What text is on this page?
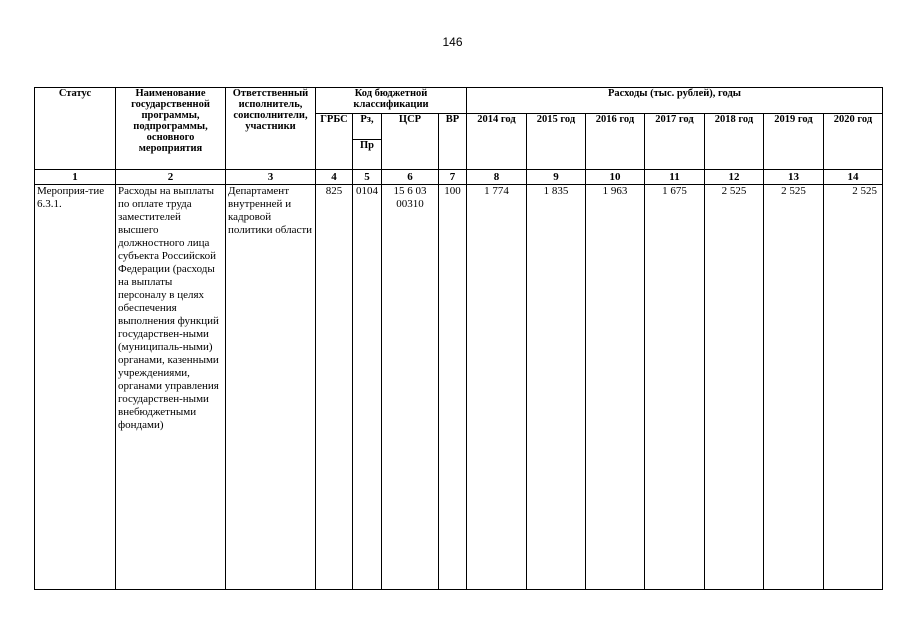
146
Статус	Наименование государственной программы, подпрограммы, основного мероприятия	Ответственный исполнитель, соисполнители, участники	Код бюджетной классификации				Расходы (тыс. рублей), годы						
			ГРБС	Рз,	ЦСР	ВР	2014 год	2015 год	2016 год	2017 год	2018 год	2019 год	2020 год
				Пр									
1	2	3	4	5	6	7	8	9	10	11	12	13	14
Мероприя-тие 6.3.1.	Расходы на выплаты по оплате труда заместителей высшего должностного лица субъекта Российской Федерации (расходы на выплаты персоналу в целях обеспечения выполнения функций государствен-ными (муниципаль-ными) органами, казенными учреждениями, органами управления государствен-ными внебюджетными фондами)	Департамент внутренней и кадровой политики области	825	0104	15 6 03 00310	100	1 774	1 835	1 963	1 675	2 525	2 525	2 525
